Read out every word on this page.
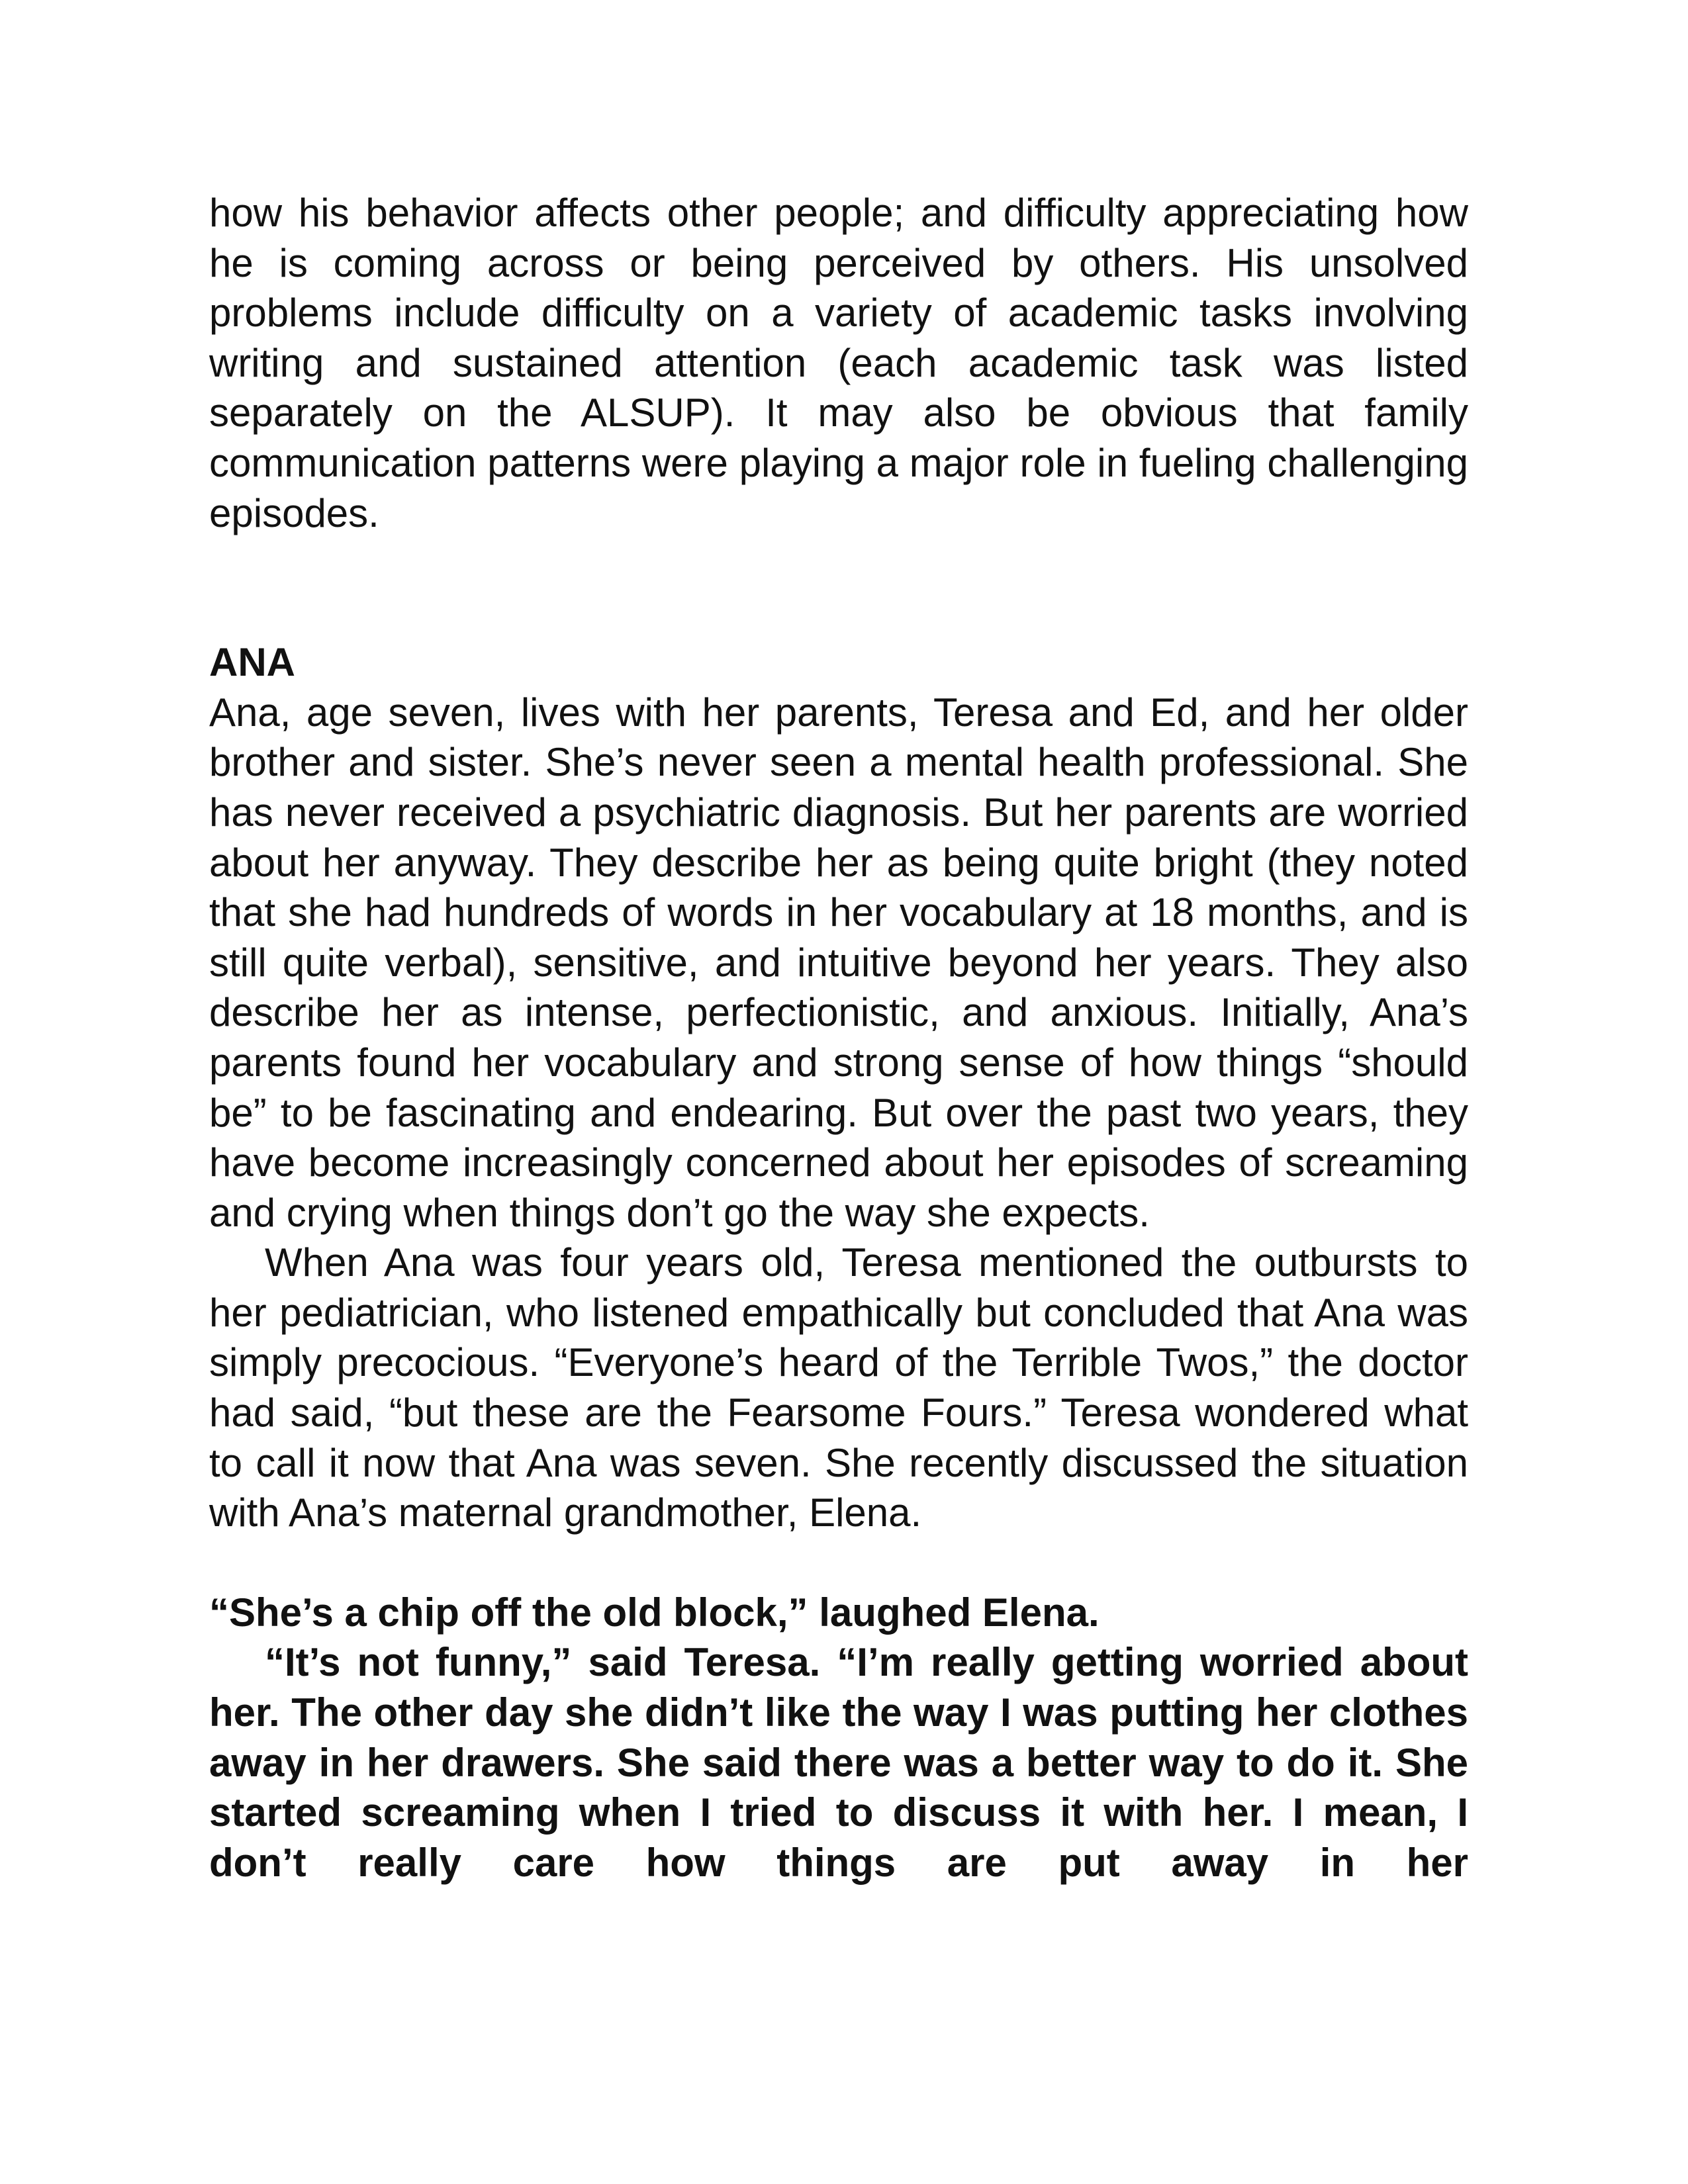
how his behavior affects other people; and difficulty appreciating how he is coming across or being perceived by others. His unsolved problems include difficulty on a variety of academic tasks involving writing and sustained attention (each academic task was listed separately on the ALSUP). It may also be obvious that family communication patterns were playing a major role in fueling challenging episodes.

ANA

Ana, age seven, lives with her parents, Teresa and Ed, and her older brother and sister. She’s never seen a mental health professional. She has never received a psychiatric diagnosis. But her parents are worried about her anyway. They describe her as being quite bright (they noted that she had hundreds of words in her vocabulary at 18 months, and is still quite verbal), sensitive, and intuitive beyond her years. They also describe her as intense, perfectionistic, and anxious. Initially, Ana’s parents found her vocabulary and strong sense of how things “should be” to be fascinating and endearing. But over the past two years, they have become increasingly concerned about her episodes of screaming and crying when things don’t go the way she expects.

When Ana was four years old, Teresa mentioned the outbursts to her pediatrician, who listened empathically but concluded that Ana was simply precocious. “Everyone’s heard of the Terrible Twos,” the doctor had said, “but these are the Fearsome Fours.” Teresa wondered what to call it now that Ana was seven. She recently discussed the situation with Ana’s maternal grandmother, Elena.

“She’s a chip off the old block,” laughed Elena.

“It’s not funny,” said Teresa. “I’m really getting worried about her. The other day she didn’t like the way I was putting her clothes away in her drawers. She said there was a better way to do it. She started screaming when I tried to discuss it with her. I mean, I don’t really care how things are put away in her
